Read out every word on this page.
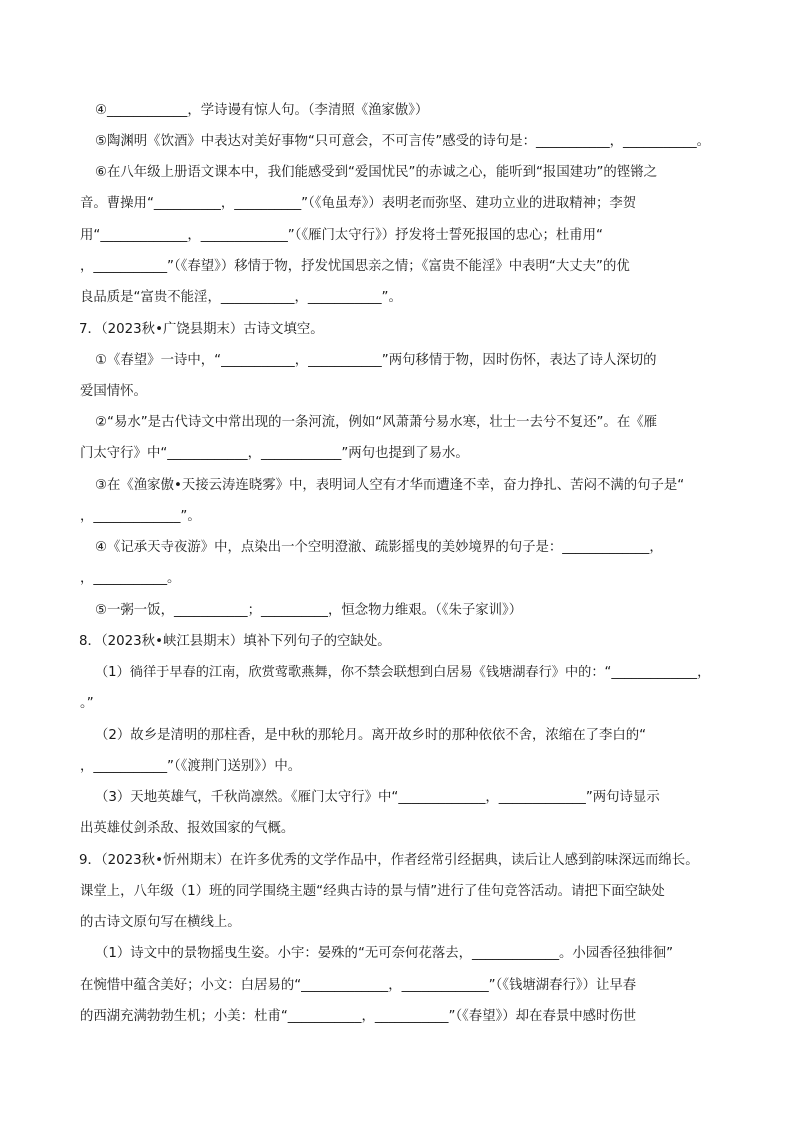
④____________，学诗谩有惊人句。（李清照《渔家傲》）
⑤陶渊明《饮酒》中表达对美好事物“只可意会，不可言传”感受的诗句是：___________，___________。
⑥在八年级上册语文课本中，我们能感受到“爱国忧民”的赤诚之心，能听到“报国建功”的铿锵之
音。曹操用“__________，__________”（《龟虽寿》）表明老而弥坚、建功立业的进取精神；李贺
用“_____________，_____________”（《雁门太守行》）抒发将士誓死报国的忠心；杜甫用“
，___________”（《春望》）移情于物，抒发忧国思亲之情；《富贵不能淫》中表明“大丈夫”的优
良品质是“富贵不能淫，___________，___________”。
7．（2023秋•广饶县期末）古诗文填空。
①《春望》一诗中，“___________，___________”两句移情于物，因时伤怀，表达了诗人深切的
爱国情怀。
②“易水”是古代诗文中常出现的一条河流，例如“风萧萧兮易水寒，壮士一去兮不复还”。在《雁
门太守行》中“____________，____________”两句也提到了易水。
③在《渔家傲•天接云涛连晓雾》中，表明词人空有才华而遭逢不幸，奋力挣扎、苦闷不满的句子是“
，_____________”。
④《记承天寺夜游》中，点染出一个空明澄澈、疏影摇曳的美妙境界的句子是：_____________，
，___________。
⑤一粥一饭，___________；__________，恒念物力维艰。（《朱子家训》）
8．（2023秋•峡江县期末）填补下列句子的空缺处。
（1）徜徉于早春的江南，欣赏莺歌燕舞，你不禁会联想到白居易《钱塘湖春行》中的：“_____________，
。”
（2）故乡是清明的那柱香，是中秋的那轮月。离开故乡时的那种依依不舍，浓缩在了李白的“
，___________”（《渡荆门送别》）中。
（3）天地英雄气，千秋尚凛然。《雁门太守行》中“_____________，_____________”两句诗显示
出英雄仗剑杀敌、报效国家的气概。
9．（2023秋•忻州期末）在许多优秀的文学作品中，作者经常引经据典，读后让人感到韵味深远而绵长。
课堂上，八年级（1）班的同学围绕主题“经典古诗的景与情”进行了佳句竞答活动。请把下面空缺处
的古诗文原句写在横线上。
（1）诗文中的景物摇曳生姿。小宇：晏殊的“无可奈何花落去，_____________。小园香径独徘徊”
在惋惜中蕴含美好；小文：白居易的“_____________，_____________”（《钱塘湖春行》）让早春
的西湖充满勃勃生机；小美：杜甫“___________，___________”（《春望》）却在春景中感时伤世
